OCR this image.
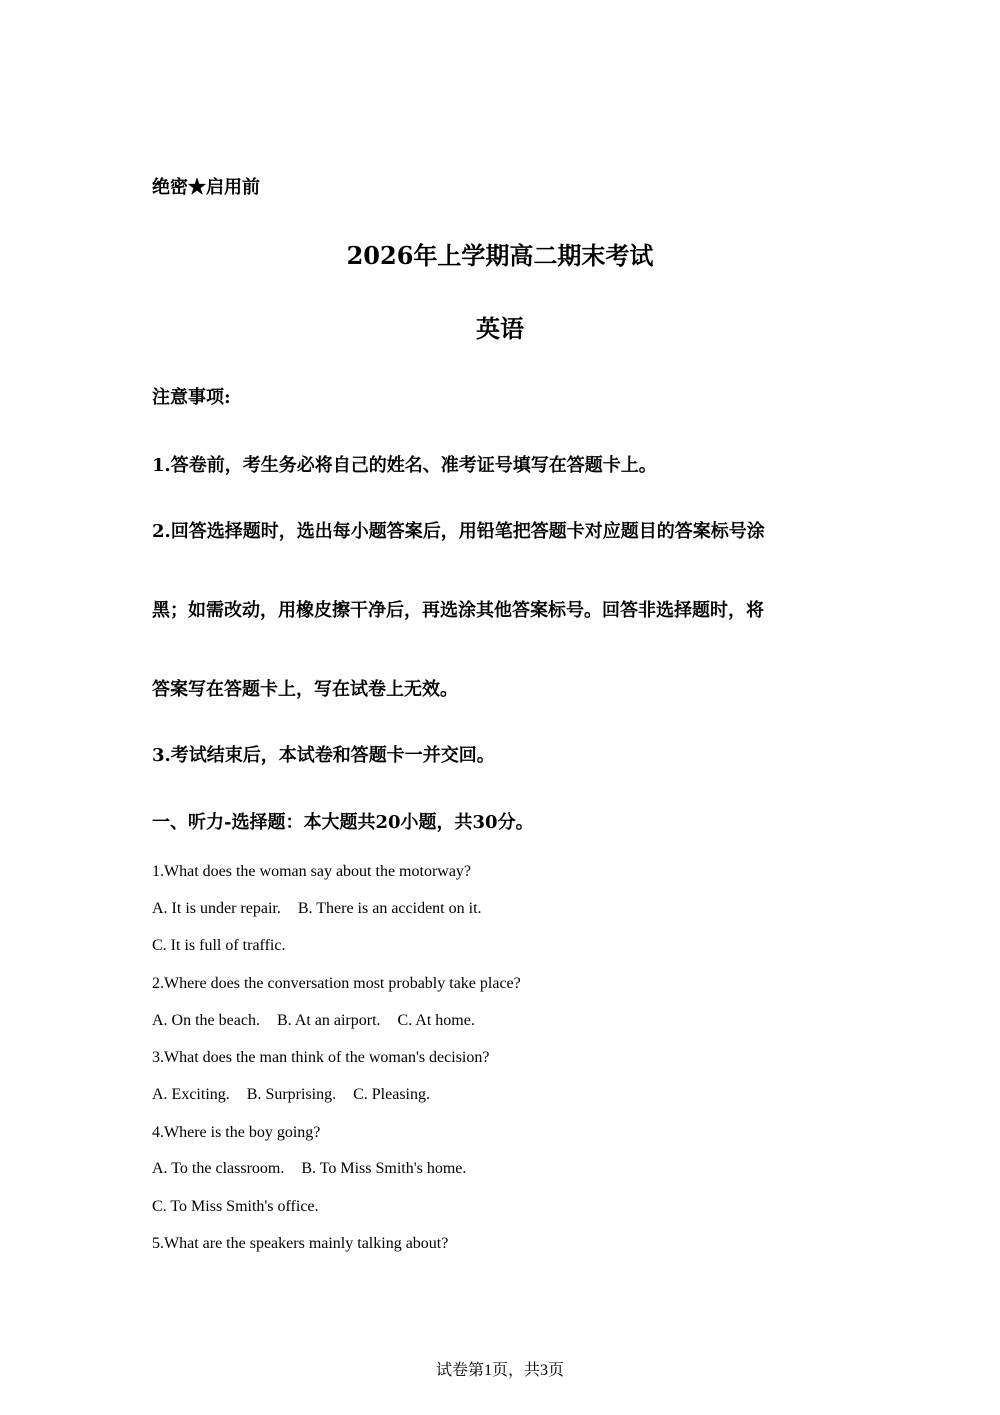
绝密★启用前
2026年上学期高二期末考试
英语
注意事项:
1.答卷前，考生务必将自己的姓名、准考证号填写在答题卡上。
2.回答选择题时，选出每小题答案后，用铅笔把答题卡对应题目的答案标号涂
黑；如需改动，用橡皮擦干净后，再选涂其他答案标号。回答非选择题时，将
答案写在答题卡上，写在试卷上无效。
3.考试结束后，本试卷和答题卡一并交回。
一、听力-选择题：本大题共20小题，共30分。
1.What does the woman say about the motorway?
A. It is under repair. B. There is an accident on it.
C. It is full of traffic.
2.Where does the conversation most probably take place?
A. On the beach. B. At an airport. C. At home.
3.What does the man think of the woman's decision?
A. Exciting. B. Surprising. C. Pleasing.
4.Where is the boy going?
A. To the classroom. B. To Miss Smith's home.
C. To Miss Smith's office.
5.What are the speakers mainly talking about?
试卷第1页，共3页
